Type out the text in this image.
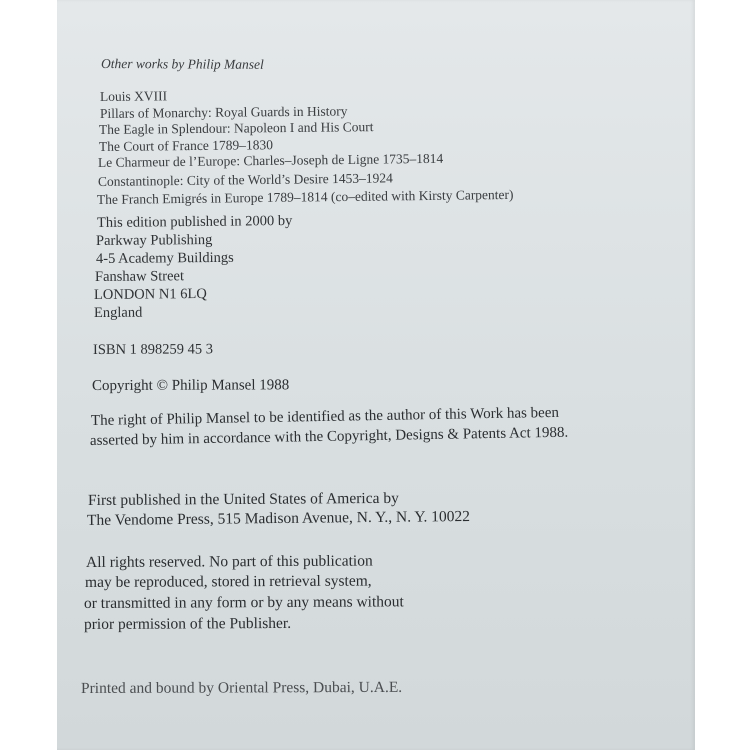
Other works by Philip Mansel
Louis XVIII
Pillars of Monarchy: Royal Guards in History
The Eagle in Splendour: Napoleon I and His Court
The Court of France 1789–1830
Le Charmeur de l’Europe: Charles–Joseph de Ligne 1735–1814
Constantinople: City of the World’s Desire 1453–1924
The Franch Emigrés in Europe 1789–1814 (co–edited with Kirsty Carpenter)
This edition published in 2000 by
Parkway Publishing
4-5 Academy Buildings
Fanshaw Street
LONDON N1 6LQ
England
ISBN 1 898259 45 3
Copyright © Philip Mansel 1988
The right of Philip Mansel to be identified as the author of this Work has been
asserted by him in accordance with the Copyright, Designs & Patents Act 1988.
First published in the United States of America by
The Vendome Press, 515 Madison Avenue, N. Y., N. Y. 10022
All rights reserved. No part of this publication
may be reproduced, stored in retrieval system,
or transmitted in any form or by any means without
prior permission of the Publisher.
Printed and bound by Oriental Press, Dubai, U.A.E.
